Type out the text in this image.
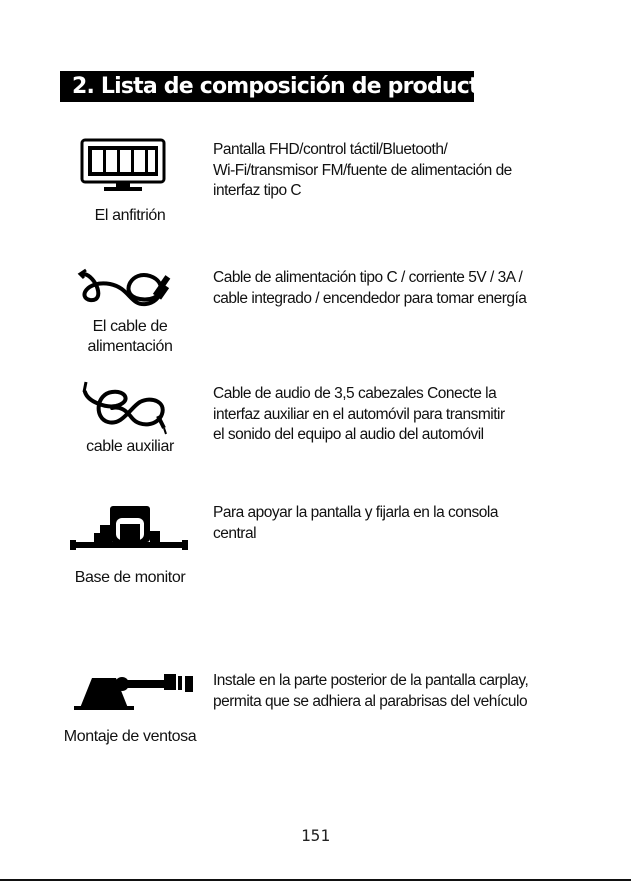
2. Lista de composición de productos
El anfitrión
Pantalla FHD/control táctil/Bluetooth/
Wi-Fi/transmisor FM/fuente de alimentación de
interfaz tipo C
El cable de
alimentación
Cable de alimentación tipo C / corriente 5V / 3A /
cable integrado / encendedor para tomar energía
cable auxiliar
Cable de audio de 3,5 cabezales Conecte la
interfaz auxiliar en el automóvil para transmitir
el sonido del equipo al audio del automóvil
Base de monitor
Para apoyar la pantalla y fijarla en la consola
central
Montaje de ventosa
Instale en la parte posterior de la pantalla carplay,
permita que se adhiera al parabrisas del vehículo
151
